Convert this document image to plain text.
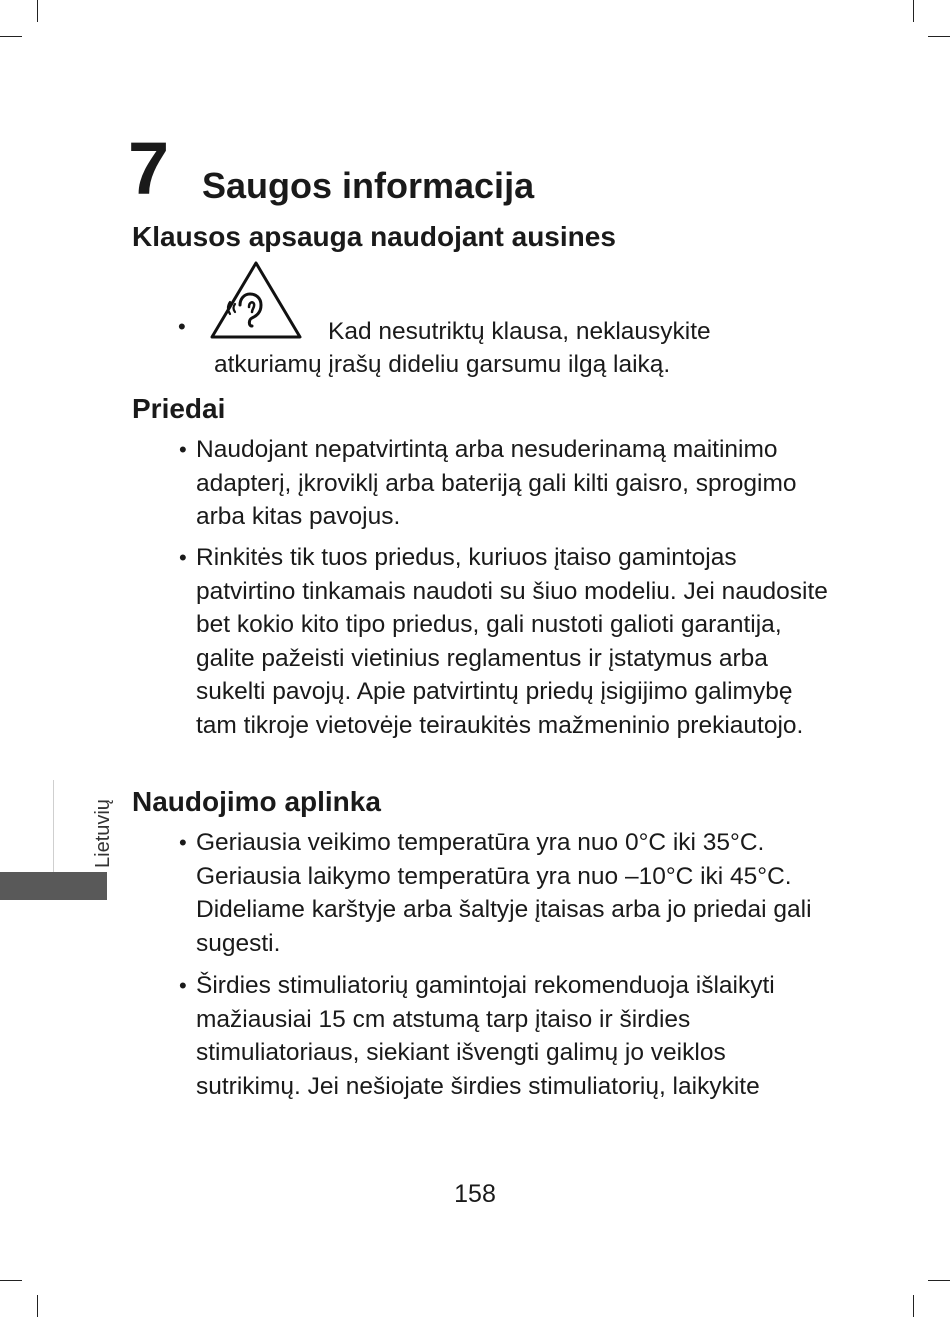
7 Saugos informacija
Klausos apsauga naudojant ausines
•	Kad nesutriktų klausa, neklausykite
atkuriamų įrašų dideliu garsumu ilgą laiką.
Priedai
• Naudojant nepatvirtintą arba nesuderinamą maitinimo adapterį, įkroviklį arba bateriją gali kilti gaisro, sprogimo arba kitas pavojus.
• Rinkitės tik tuos priedus, kuriuos įtaiso gamintojas patvirtino tinkamais naudoti su šiuo modeliu. Jei naudosite bet kokio kito tipo priedus, gali nustoti galioti garantija, galite pažeisti vietinius reglamentus ir įstatymus arba sukelti pavojų. Apie patvirtintų priedų įsigijimo galimybę tam tikroje vietovėje teiraukitės mažmeninio prekiautojo.
Naudojimo aplinka
• Geriausia veikimo temperatūra yra nuo 0°C iki 35°C. Geriausia laikymo temperatūra yra nuo –10°C iki 45°C. Dideliame karštyje arba šaltyje įtaisas arba jo priedai gali sugesti.
• Širdies stimuliatorių gamintojai rekomenduoja išlaikyti mažiausiai 15 cm atstumą tarp įtaiso ir širdies stimuliatoriaus, siekiant išvengti galimų jo veiklos sutrikimų. Jei nešiojate širdies stimuliatorių, laikykite
Lietuvių
158
